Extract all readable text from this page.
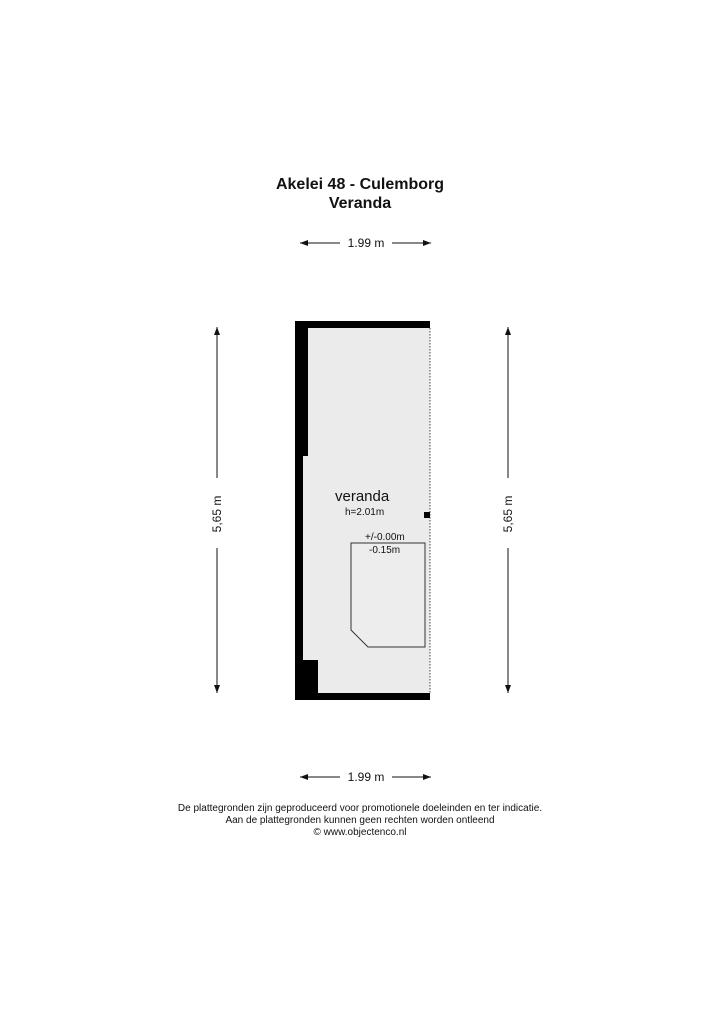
Akelei 48 - Culemborg
Veranda
1.99 m
5,65 m	5,65 m
veranda
h=2.01m
+/-0.00m
-0.15m
1.99 m
De plattegronden zijn geproduceerd voor promotionele doeleinden en ter indicatie.
Aan de plattegronden kunnen geen rechten worden ontleend
© www.objectenco.nl
